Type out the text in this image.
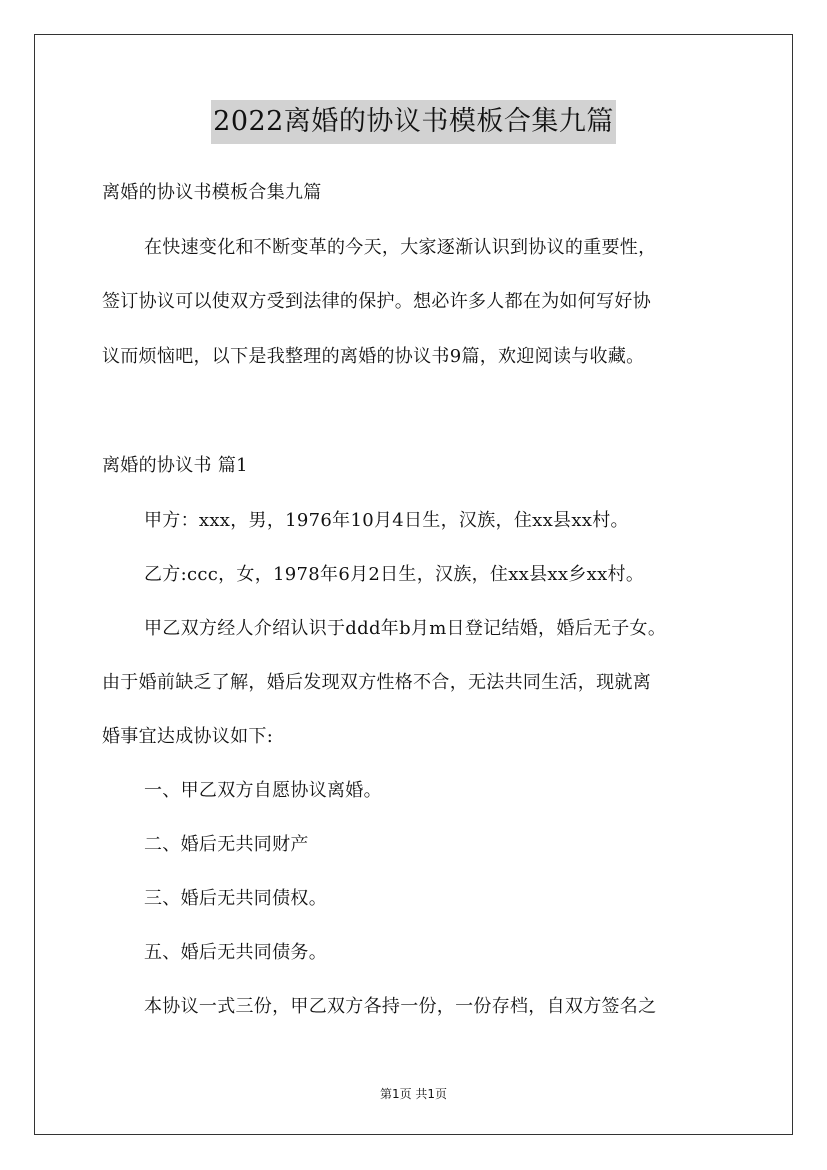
2022离婚的协议书模板合集九篇
离婚的协议书模板合集九篇
在快速变化和不断变革的今天，大家逐渐认识到协议的重要性，
签订协议可以使双方受到法律的保护。想必许多人都在为如何写好协
议而烦恼吧，以下是我整理的离婚的协议书9篇，欢迎阅读与收藏。
离婚的协议书 篇1
甲方：xxx，男，1976年10月4日生，汉族，住xx县xx村。
乙方:ccc，女，1978年6月2日生，汉族，住xx县xx乡xx村。
甲乙双方经人介绍认识于ddd年b月m日登记结婚，婚后无子女。
由于婚前缺乏了解，婚后发现双方性格不合，无法共同生活，现就离
婚事宜达成协议如下:
一、甲乙双方自愿协议离婚。
二、婚后无共同财产
三、婚后无共同债权。
五、婚后无共同债务。
本协议一式三份，甲乙双方各持一份，一份存档，自双方签名之
第1页 共1页
